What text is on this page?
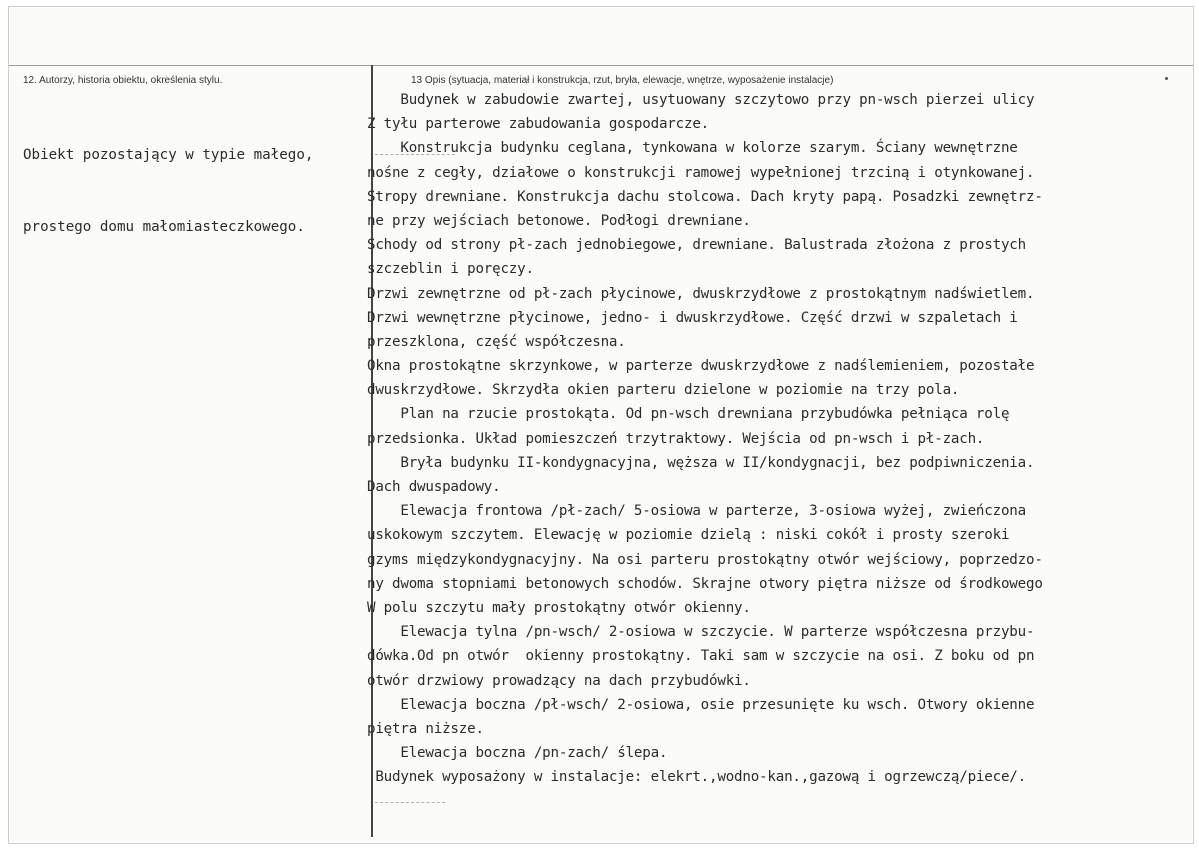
12. Autorzy, historia obiektu, określenia stylu.	13 Opis (sytuacja, materiał i konstrukcja, rzut, bryła, elewacje, wnętrze, wyposażenie instalacje)

Obiekt pozostający w typie małego,

prostego domu małomiasteczkowego.

Budynek w zabudowie zwartej, usytuowany szczytowo przy pn-wsch pierzei ulicy
Z tyłu parterowe zabudowania gospodarcze.
Konstrukcja budynku ceglana, tynkowana w kolorze szarym. Ściany wewnętrzne
nośne z cegły, działowe o konstrukcji ramowej wypełnionej trzciną i otynkowanej.
Stropy drewniane. Konstrukcja dachu stolcowa. Dach kryty papą. Posadzki zewnętrz-
ne przy wejściach betonowe. Podłogi drewniane.
Schody od strony pł-zach jednobiegowe, drewniane. Balustrada złożona z prostych
szczeblin i poręczy.
Drzwi zewnętrzne od pł-zach płycinowe, dwuskrzydłowe z prostokątnym nadświetlem.
Drzwi wewnętrzne płycinowe, jedno- i dwuskrzydłowe. Część drzwi w szpaletach i
przeszklona, część współczesna.
Okna prostokątne skrzynkowe, w parterze dwuskrzydłowe z nadślemieniem, pozostałe
dwuskrzydłowe. Skrzydła okien parteru dzielone w poziomie na trzy pola.
Plan na rzucie prostokąta. Od pn-wsch drewniana przybudówka pełniąca rolę
przedsionka. Układ pomieszczeń trzytraktowy. Wejścia od pn-wsch i pł-zach.
Bryła budynku II-kondygnacyjna, węższa w II/kondygnacji, bez podpiwniczenia.
Dach dwuspadowy.
Elewacja frontowa /pł-zach/ 5-osiowa w parterze, 3-osiowa wyżej, zwieńczona
uskokowym szczytem. Elewację w poziomie dzielą : niski cokół i prosty szeroki
gzyms międzykondygnacyjny. Na osi parteru prostokątny otwór wejściowy, poprzedzo-
ny dwoma stopniami betonowych schodów. Skrajne otwory piętra niższe od środkowego
W polu szczytu mały prostokątny otwór okienny.
Elewacja tylna /pn-wsch/ 2-osiowa w szczycie. W parterze współczesna przybu-
dówka.Od pn otwór  okienny prostokątny. Taki sam w szczycie na osi. Z boku od pn
otwór drzwiowy prowadzący na dach przybudówki.
Elewacja boczna /pł-wsch/ 2-osiowa, osie przesunięte ku wsch. Otwory okienne
piętra niższe.
Elewacja boczna /pn-zach/ ślepa.
Budynek wyposażony w instalacje: elekrt.,wodno-kan.,gazową i ogrzewczą/piece/.
